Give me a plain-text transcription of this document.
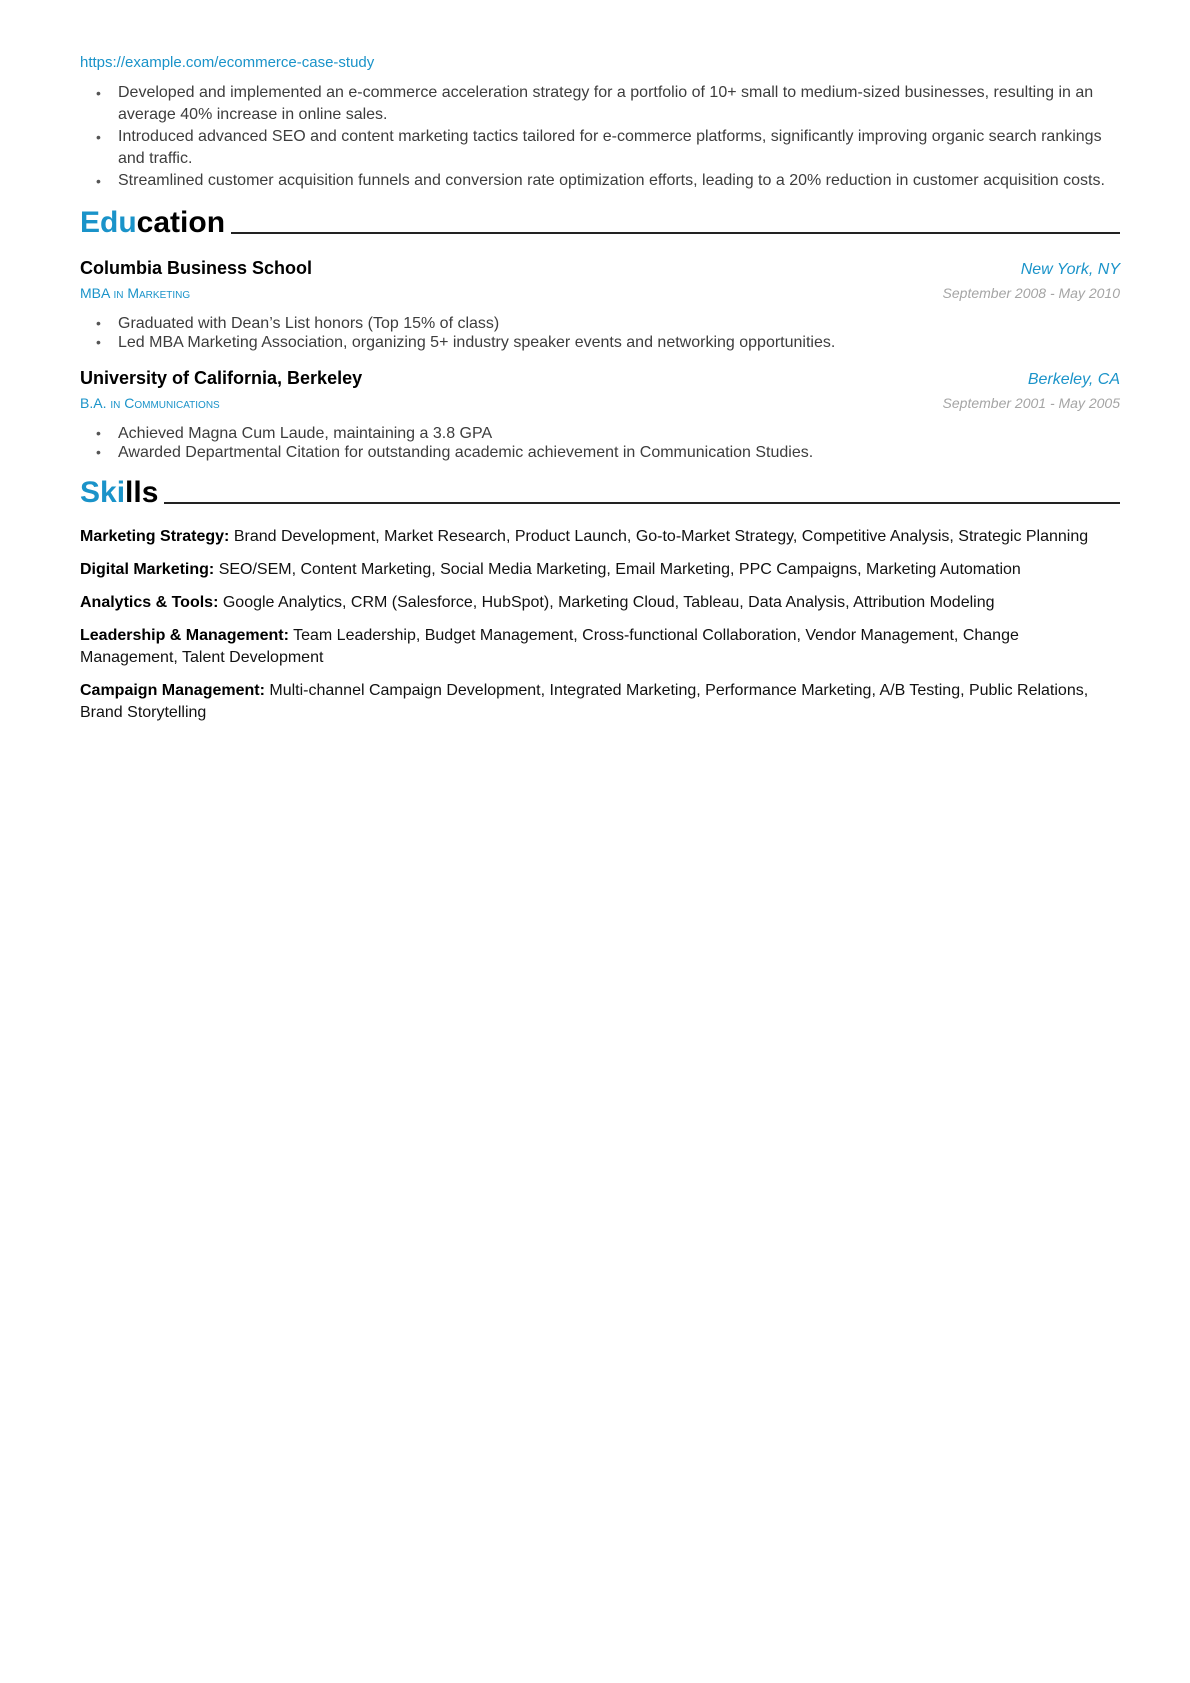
https://example.com/ecommerce-case-study
• Developed and implemented an e-commerce acceleration strategy for a portfolio of 10+ small to medium-sized businesses, resulting in an average 40% increase in online sales.
• Introduced advanced SEO and content marketing tactics tailored for e-commerce platforms, significantly improving organic search rankings and traffic.
• Streamlined customer acquisition funnels and conversion rate optimization efforts, leading to a 20% reduction in customer acquisition costs.
Education
Columbia Business School	New York, NY
MBA in Marketing	September 2008 - May 2010
• Graduated with Dean’s List honors (Top 15% of class)
• Led MBA Marketing Association, organizing 5+ industry speaker events and networking opportunities.
University of California, Berkeley	Berkeley, CA
B.A. in Communications	September 2001 - May 2005
• Achieved Magna Cum Laude, maintaining a 3.8 GPA
• Awarded Departmental Citation for outstanding academic achievement in Communication Studies.
Skills
Marketing Strategy: Brand Development, Market Research, Product Launch, Go-to-Market Strategy, Competitive Analysis, Strategic Planning
Digital Marketing: SEO/SEM, Content Marketing, Social Media Marketing, Email Marketing, PPC Campaigns, Marketing Automation
Analytics & Tools: Google Analytics, CRM (Salesforce, HubSpot), Marketing Cloud, Tableau, Data Analysis, Attribution Modeling
Leadership & Management: Team Leadership, Budget Management, Cross-functional Collaboration, Vendor Management, Change Management, Talent Development
Campaign Management: Multi-channel Campaign Development, Integrated Marketing, Performance Marketing, A/B Testing, Public Relations, Brand Storytelling
